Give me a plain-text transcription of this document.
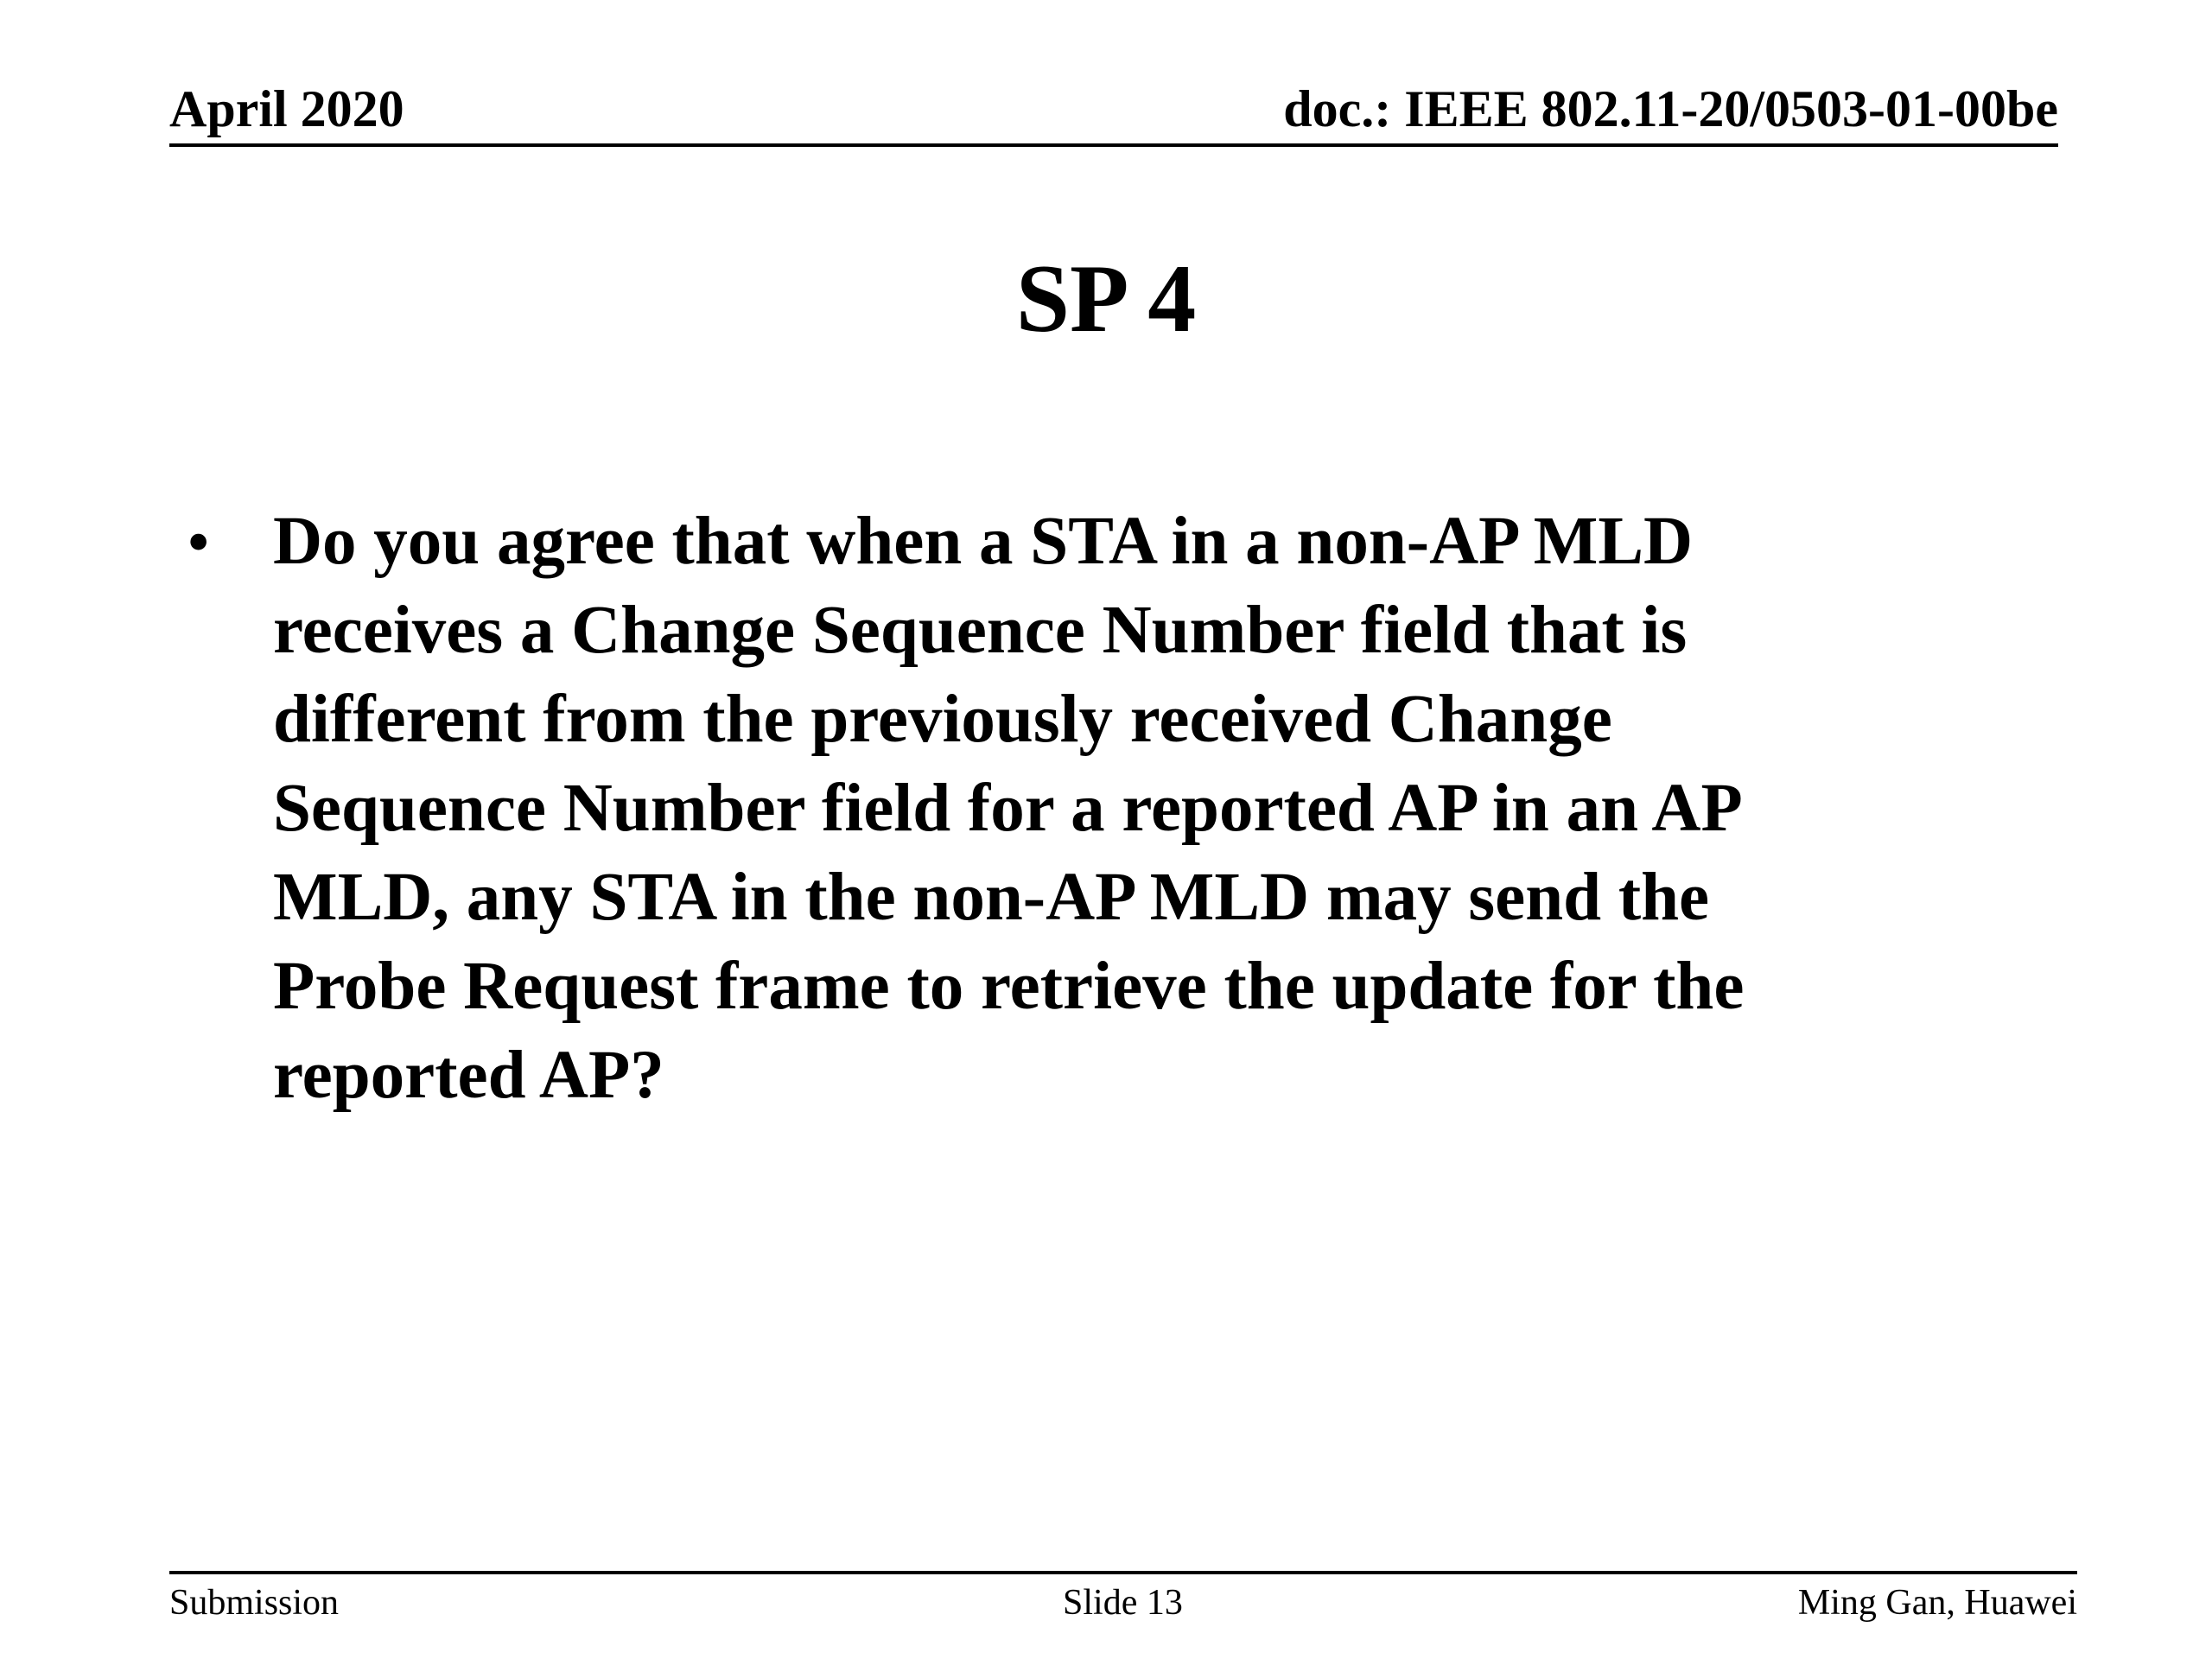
April 2020	doc.: IEEE 802.11-20/0503-01-00be
SP 4
• Do you agree that when a STA in a non-AP MLD
receives a Change Sequence Number field that is
different from the previously received Change
Sequence Number field for a reported AP in an AP
MLD, any STA in the non-AP MLD may send the
Probe Request frame to retrieve the update for the
reported AP?
Submission	Slide 13	Ming Gan, Huawei
